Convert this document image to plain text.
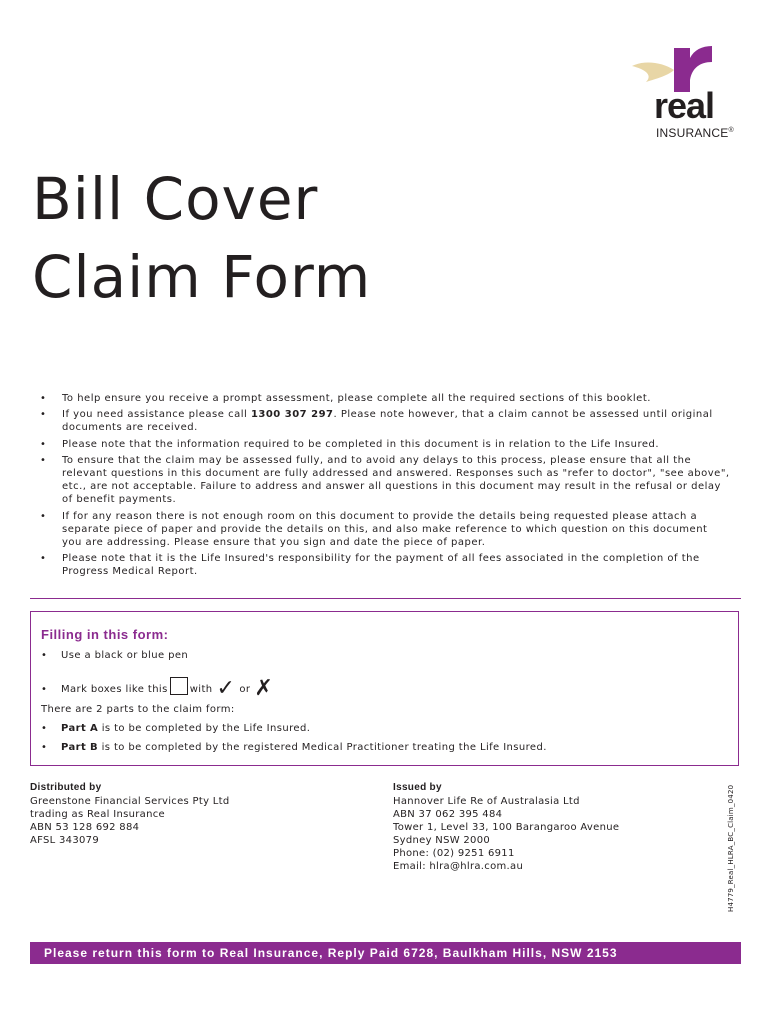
real
INSURANCE®
Bill Cover
Claim Form
• To help ensure you receive a prompt assessment, please complete all the required sections of this booklet.
• If you need assistance please call 1300 307 297. Please note however, that a claim cannot be assessed until original documents are received.
• Please note that the information required to be completed in this document is in relation to the Life Insured.
• To ensure that the claim may be assessed fully, and to avoid any delays to this process, please ensure that all the relevant questions in this document are fully addressed and answered. Responses such as "refer to doctor", "see above", etc., are not acceptable. Failure to address and answer all questions in this document may result in the refusal or delay of benefit payments.
• If for any reason there is not enough room on this document to provide the details being requested please attach a separate piece of paper and provide the details on this, and also make reference to which question on this document you are addressing. Please ensure that you sign and date the piece of paper.
• Please note that it is the Life Insured's responsibility for the payment of all fees associated in the completion of the Progress Medical Report.
Filling in this form:
• Use a black or blue pen
• Mark boxes like this with ✓ or ✗
There are 2 parts to the claim form:
• Part A is to be completed by the Life Insured.
• Part B is to be completed by the registered Medical Practitioner treating the Life Insured.
Distributed by
Greenstone Financial Services Pty Ltd
trading as Real Insurance
ABN 53 128 692 884
AFSL 343079
Issued by
Hannover Life Re of Australasia Ltd
ABN 37 062 395 484
Tower 1, Level 33, 100 Barangaroo Avenue
Sydney NSW 2000
Phone: (02) 9251 6911
Email: hlra@hlra.com.au	H4779_Real_HLRA_BC_Claim_0420
Please return this form to Real Insurance, Reply Paid 6728, Baulkham Hills, NSW 2153
